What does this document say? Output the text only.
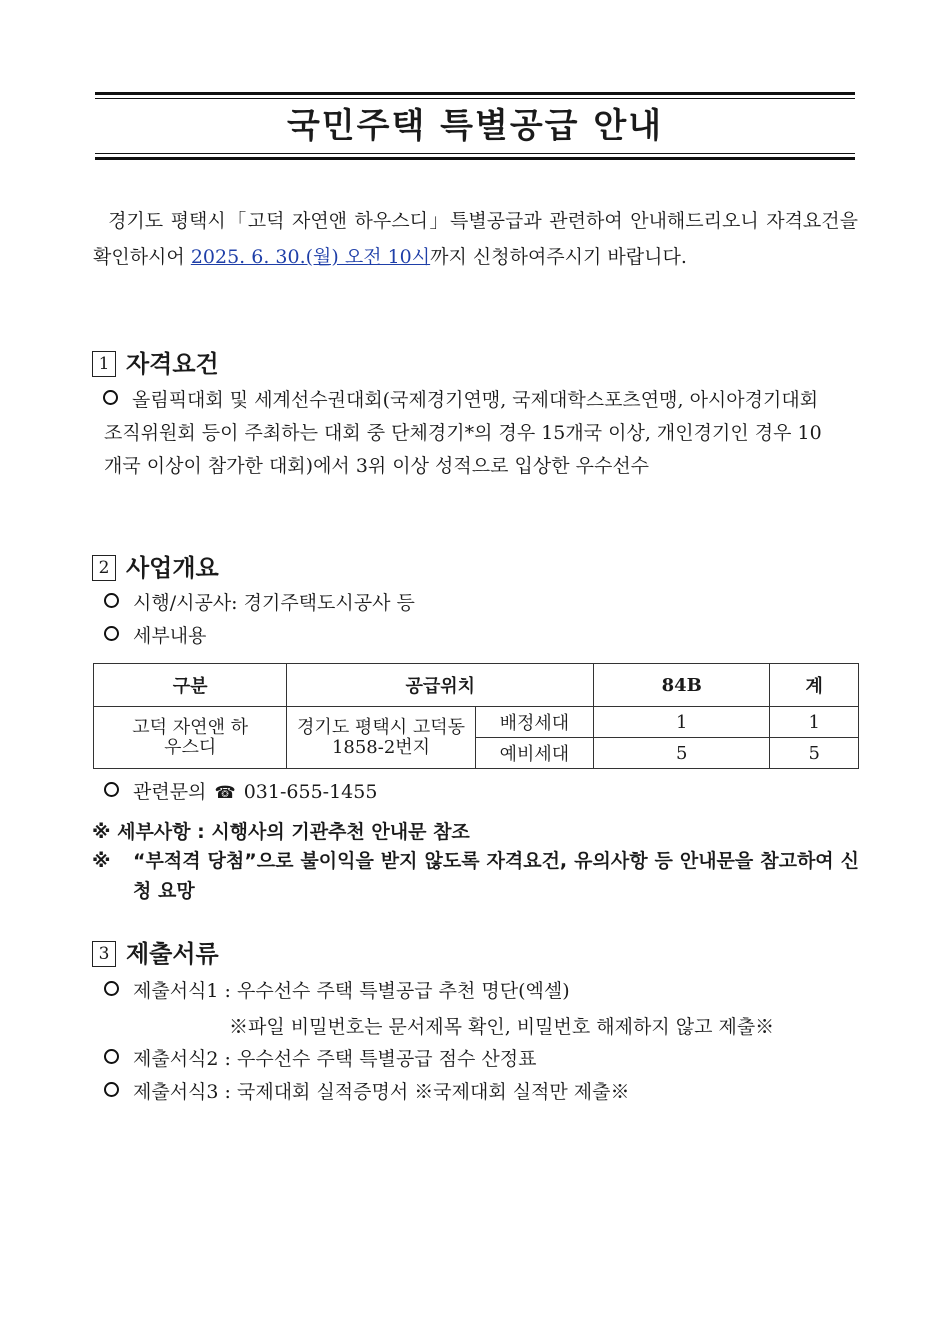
국민주택 특별공급 안내
경기도 평택시「고덕 자연앤 하우스디」특별공급과 관련하여 안내해드리오니 자격요건을 확인하시어 2025. 6. 30.(월) 오전 10시까지 신청하여주시기 바랍니다.
1 자격요건
올림픽대회 및 세계선수권대회(국제경기연맹, 국제대학스포츠연맹, 아시아경기대회조직위원회 등이 주최하는 대회 중 단체경기*의 경우 15개국 이상, 개인경기인 경우 10개국 이상이 참가한 대회)에서 3위 이상 성적으로 입상한 우수선수
2 사업개요
시행/시공사: 경기주택도시공사 등
세부내용
구분	공급위치		84B	계
고덕 자연앤 하우스디	경기도 평택시 고덕동 1858-2번지	배정세대	1	1
		예비세대	5	5
관련문의 ☎ 031-655-1455
※ 세부사항 : 시행사의 기관추천 안내문 참조
※ “부적격 당첨”으로 불이익을 받지 않도록 자격요건, 유의사항 등 안내문을 참고하여 신청 요망
3 제출서류
제출서식1 : 우수선수 주택 특별공급 추천 명단(엑셀)
※파일 비밀번호는 문서제목 확인, 비밀번호 해제하지 않고 제출※
제출서식2 : 우수선수 주택 특별공급 점수 산정표
제출서식3 : 국제대회 실적증명서 ※국제대회 실적만 제출※
